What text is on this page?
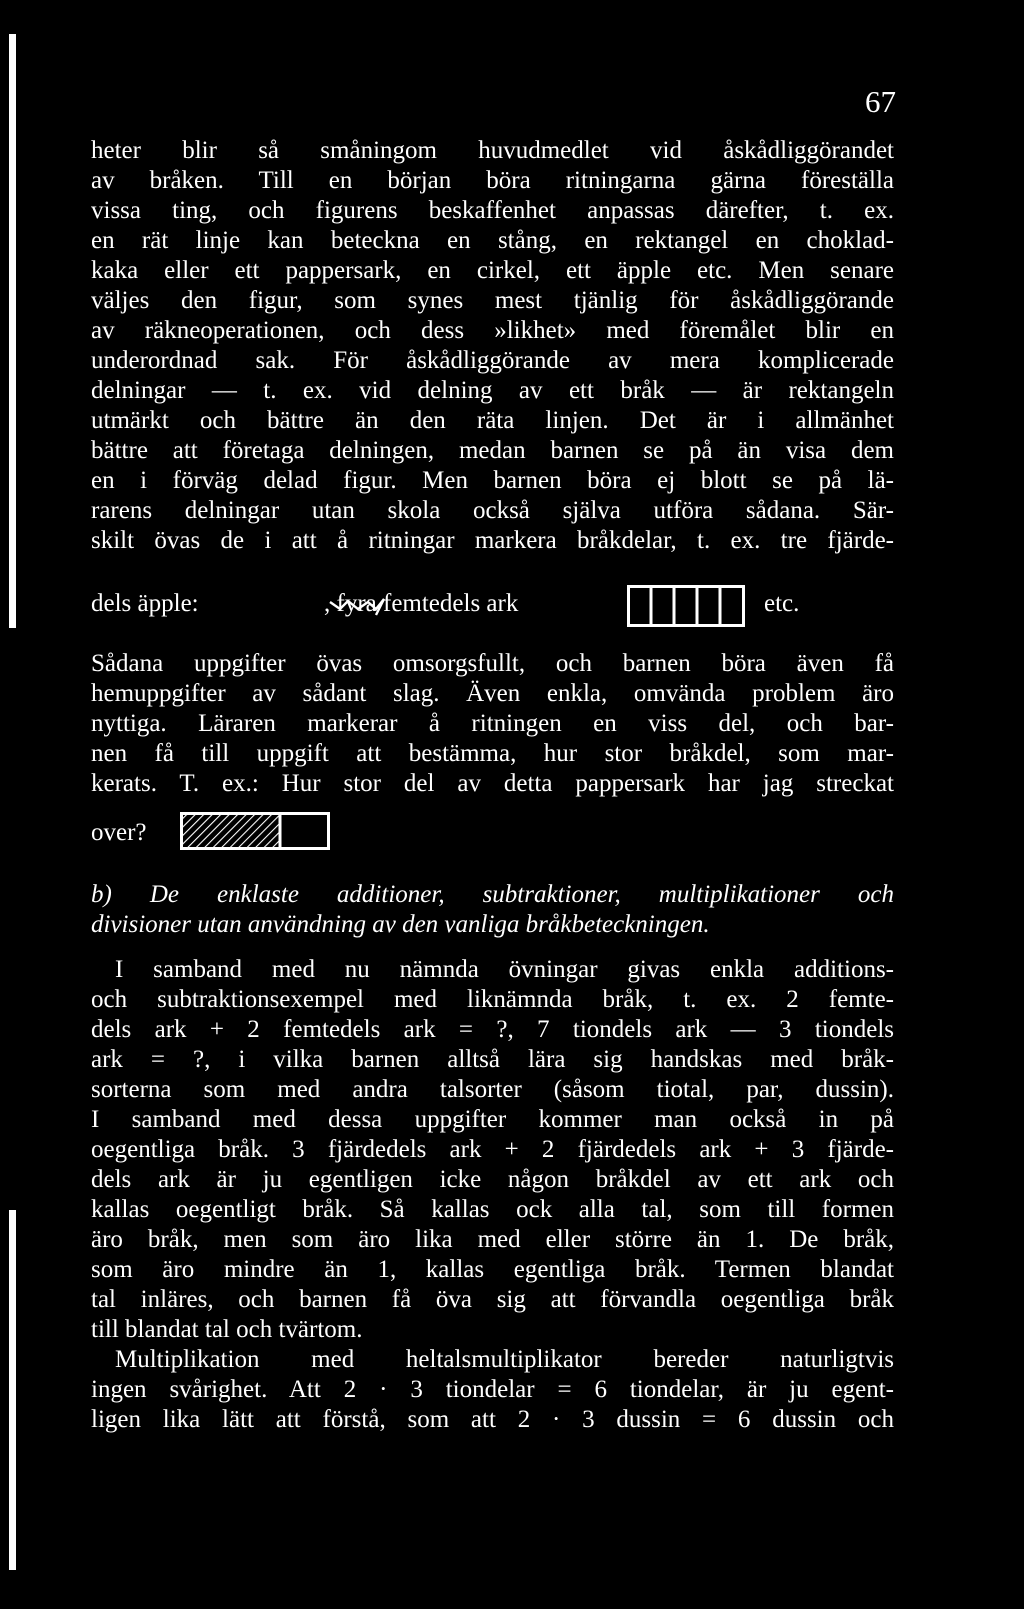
67
heter blir så småningom huvudmedlet vid åskådliggörandet
av bråken. Till en början böra ritningarna gärna föreställa
vissa ting, och figurens beskaffenhet anpassas därefter, t. ex.
en rät linje kan beteckna en stång, en rektangel en choklad-
kaka eller ett pappersark, en cirkel, ett äpple etc. Men senare
väljes den figur, som synes mest tjänlig för åskådliggörande
av räkneoperationen, och dess »likhet» med föremålet blir en
underordnad sak. För åskådliggörande av mera komplicerade
delningar — t. ex. vid delning av ett bråk — är rektangeln
utmärkt och bättre än den räta linjen. Det är i allmänhet
bättre att företaga delningen, medan barnen se på än visa dem
en i förväg delad figur. Men barnen böra ej blott se på lä-
rarens delningar utan skola också själva utföra sådana. Sär-
skilt övas de i att å ritningar markera bråkdelar, t. ex. tre fjärde-
dels äpple:	, fyra femtedels ark	etc.
Sådana uppgifter övas omsorgsfullt, och barnen böra även få
hemuppgifter av sådant slag. Även enkla, omvända problem äro
nyttiga. Läraren markerar å ritningen en viss del, och bar-
nen få till uppgift att bestämma, hur stor bråkdel, som mar-
kerats. T. ex.: Hur stor del av detta pappersark har jag streckat
over?
b) De enklaste additioner, subtraktioner, multiplikationer och
divisioner utan användning av den vanliga bråkbeteckningen.
I samband med nu nämnda övningar givas enkla additions-
och subtraktionsexempel med liknämnda bråk, t. ex. 2 femte-
dels ark + 2 femtedels ark = ?, 7 tiondels ark — 3 tiondels
ark = ?, i vilka barnen alltså lära sig handskas med bråk-
sorterna som med andra talsorter (såsom tiotal, par, dussin).
I samband med dessa uppgifter kommer man också in på
oegentliga bråk. 3 fjärdedels ark + 2 fjärdedels ark + 3 fjärde-
dels ark är ju egentligen icke någon bråkdel av ett ark och
kallas oegentligt bråk. Så kallas ock alla tal, som till formen
äro bråk, men som äro lika med eller större än 1. De bråk,
som äro mindre än 1, kallas egentliga bråk. Termen blandat
tal inläres, och barnen få öva sig att förvandla oegentliga bråk
till blandat tal och tvärtom.
Multiplikation med heltalsmultiplikator bereder naturligtvis
ingen svårighet. Att 2 · 3 tiondelar = 6 tiondelar, är ju egent-
ligen lika lätt att förstå, som att 2 · 3 dussin = 6 dussin och
